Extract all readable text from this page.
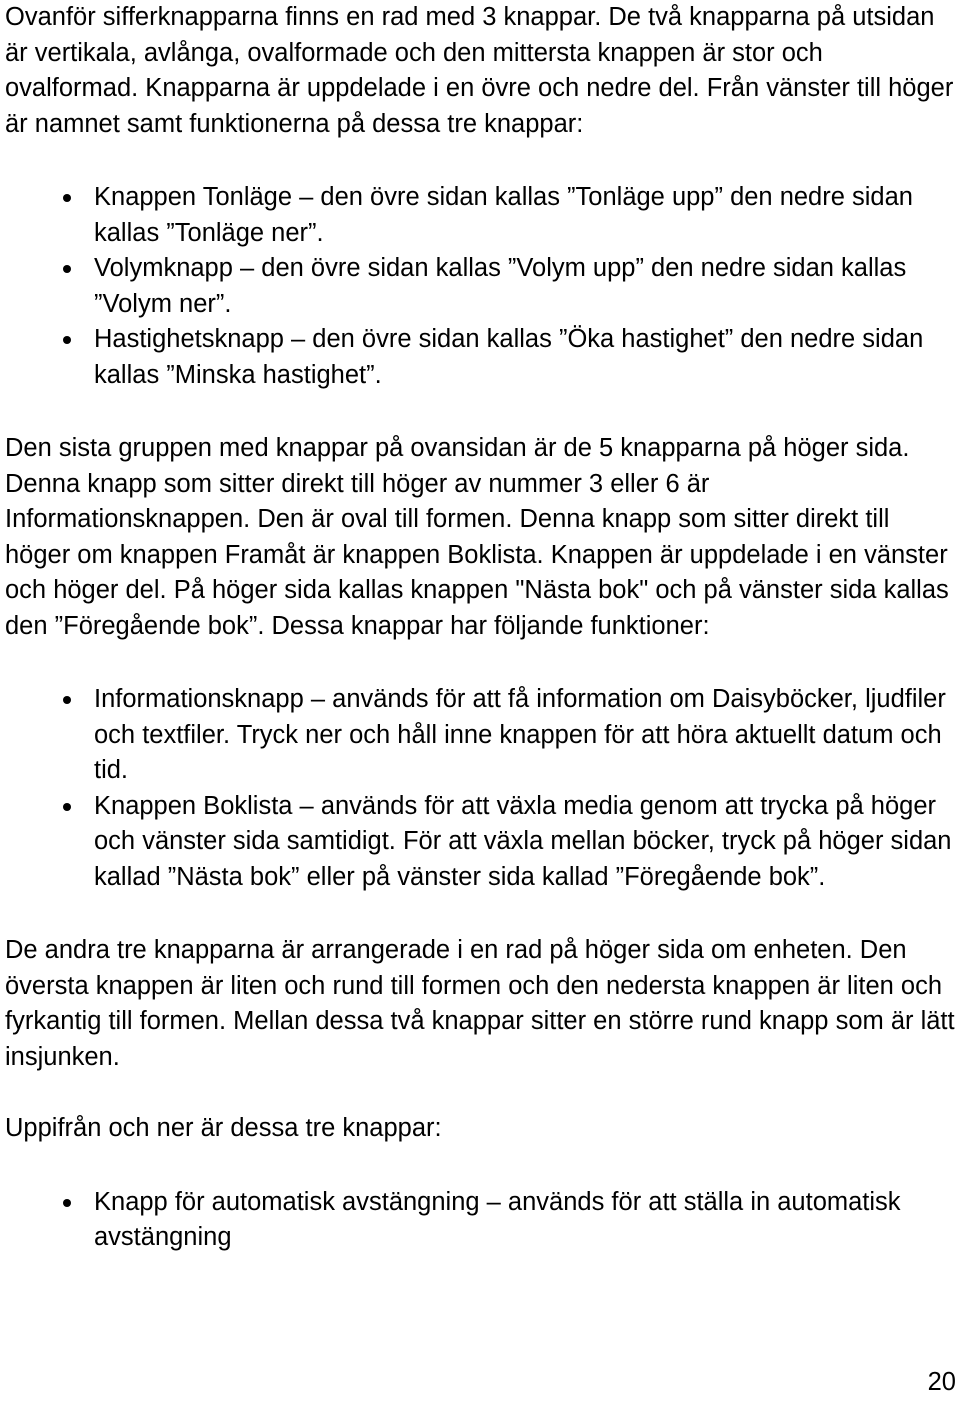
Ovanför sifferknapparna finns en rad med 3 knappar. De två knapparna på utsidan är vertikala, avlånga, ovalformade och den mittersta knappen är stor och ovalformad. Knapparna är uppdelade i en övre och nedre del. Från vänster till höger är namnet samt funktionerna på dessa tre knappar:

Knappen Tonläge – den övre sidan kallas ”Tonläge upp” den nedre sidan kallas ”Tonläge ner”.
Volymknapp – den övre sidan kallas ”Volym upp” den nedre sidan kallas ”Volym ner”.
Hastighetsknapp – den övre sidan kallas ”Öka hastighet” den nedre sidan kallas ”Minska hastighet”.

Den sista gruppen med knappar på ovansidan är de 5 knapparna på höger sida. Denna knapp som sitter direkt till höger av nummer 3 eller 6 är Informationsknappen. Den är oval till formen. Denna knapp som sitter direkt till höger om knappen Framåt är knappen Boklista. Knappen är uppdelade i en vänster och höger del. På höger sida kallas knappen "Nästa bok" och på vänster sida kallas den ”Föregående bok”. Dessa knappar har följande funktioner:

Informationsknapp – används för att få information om Daisyböcker, ljudfiler och textfiler. Tryck ner och håll inne knappen för att höra aktuellt datum och tid.
Knappen Boklista – används för att växla media genom att trycka på höger och vänster sida samtidigt. För att växla mellan böcker, tryck på höger sidan kallad ”Nästa bok” eller på vänster sida kallad ”Föregående bok”.

De andra tre knapparna är arrangerade i en rad på höger sida om enheten. Den översta knappen är liten och rund till formen och den nedersta knappen är liten och fyrkantig till formen. Mellan dessa två knappar sitter en större rund knapp som är lätt insjunken.

Uppifrån och ner är dessa tre knappar:

Knapp för automatisk avstängning – används för att ställa in automatisk avstängning
20
